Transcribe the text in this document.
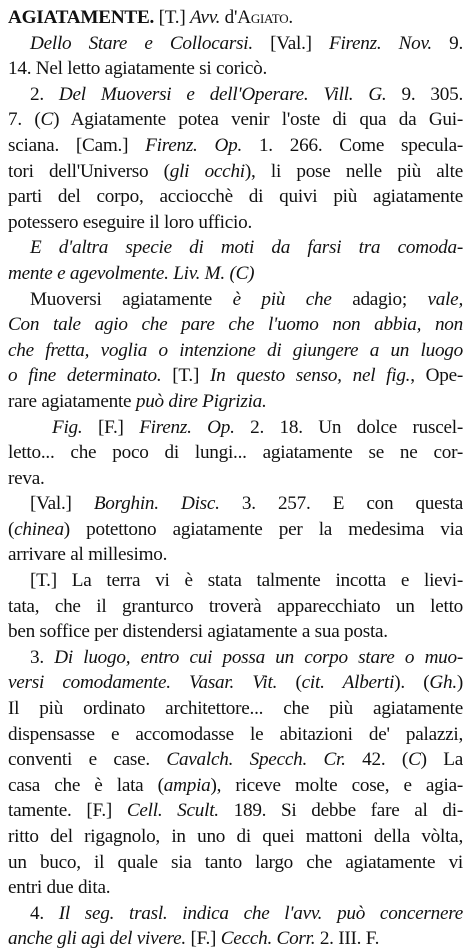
AGIATAMENTE. [T.] Avv. d'Agiato.
Dello Stare e Collocarsi. [Val.] Firenz. Nov. 9.
14. Nel letto agiatamente si coricò.
2. Del Muoversi e dell'Operare. Vill. G. 9. 305.
7. (C) Agiatamente potea venir l'oste di qua da Gui-
sciana. [Cam.] Firenz. Op. 1. 266. Come specula-
tori dell'Universo (gli occhi), li pose nelle più alte
parti del corpo, acciocchè di quivi più agiatamente
potessero eseguire il loro ufficio.
E d'altra specie di moti da farsi tra comoda-
mente e agevolmente. Liv. M. (C)
Muoversi agiatamente è più che adagio; vale,
Con tale agio che pare che l'uomo non abbia, non
che fretta, voglia o intenzione di giungere a un luogo
o fine determinato. [T.] In questo senso, nel fig., Ope-
rare agiatamente può dire Pigrizia.
Fig. [F.] Firenz. Op. 2. 18. Un dolce ruscel-
letto... che poco di lungi... agiatamente se ne cor-
reva.
[Val.] Borghin. Disc. 3. 257. E con questa
(chinea) potettono agiatamente per la medesima via
arrivare al millesimo.
[T.] La terra vi è stata talmente incotta e lievi-
tata, che il granturco troverà apparecchiato un letto
ben soffice per distendersi agiatamente a sua posta.
3. Di luogo, entro cui possa un corpo stare o muo-
versi comodamente. Vasar. Vit. (cit. Alberti). (Gh.)
Il più ordinato architettore... che più agiatamente
dispensasse e accomodasse le abitazioni de' palazzi,
conventi e case. Cavalch. Specch. Cr. 42. (C) La
casa che è lata (ampia), riceve molte cose, e agia-
tamente. [F.] Cell. Scult. 189. Si debbe fare al di-
ritto del rigagnolo, in uno di quei mattoni della vòlta,
un buco, il quale sia tanto largo che agiatamente vi
entri due dita.
4. Il seg. trasl. indica che l'avv. può concernere
anche gli agi del vivere. [F.] Cecch. Corr. 2. III. F.
